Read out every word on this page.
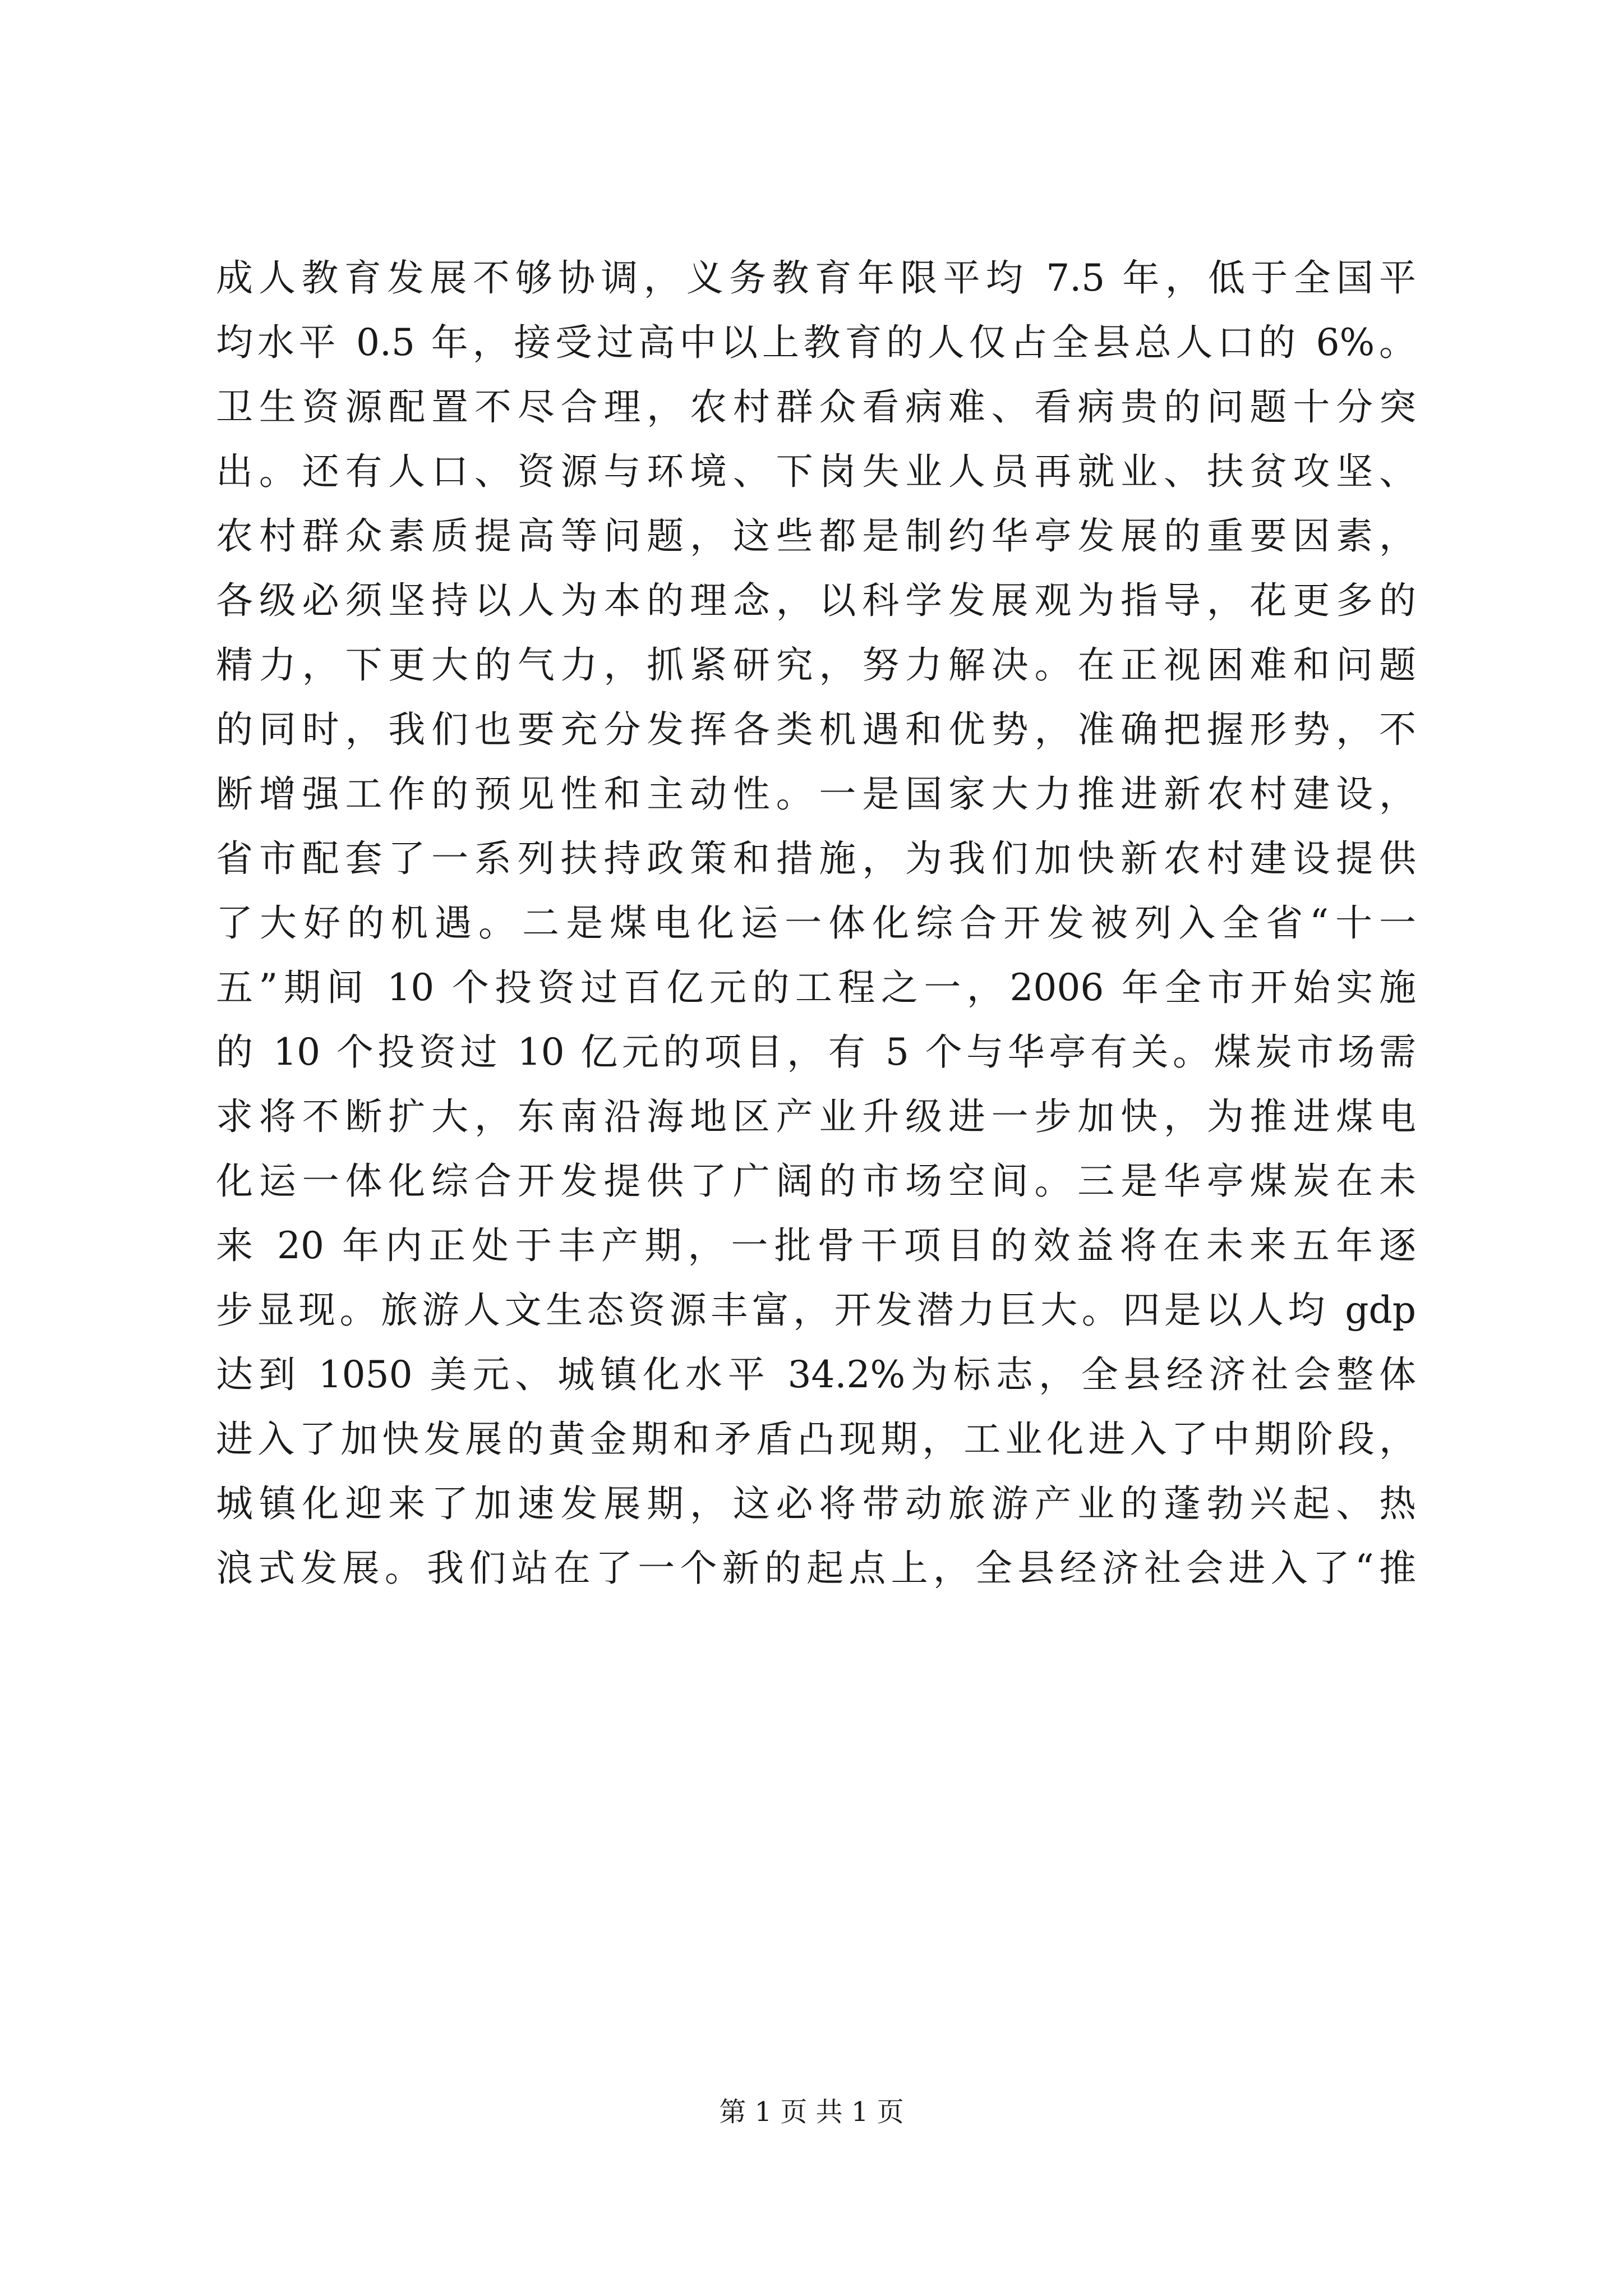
成人教育发展不够协调，义务教育年限平均 7.5 年，低于全国平
均水平 0.5 年，接受过高中以上教育的人仅占全县总人口的 6%。
卫生资源配置不尽合理，农村群众看病难、看病贵的问题十分突
出。还有人口、资源与环境、下岗失业人员再就业、扶贫攻坚、
农村群众素质提高等问题，这些都是制约华亭发展的重要因素，
各级必须坚持以人为本的理念，以科学发展观为指导，花更多的
精力，下更大的气力，抓紧研究，努力解决。在正视困难和问题
的同时，我们也要充分发挥各类机遇和优势，准确把握形势，不
断增强工作的预见性和主动性。一是国家大力推进新农村建设，
省市配套了一系列扶持政策和措施，为我们加快新农村建设提供
了大好的机遇。二是煤电化运一体化综合开发被列入全省“十一
五”期间 10 个投资过百亿元的工程之一，2006 年全市开始实施
的 10 个投资过 10 亿元的项目，有 5 个与华亭有关。煤炭市场需
求将不断扩大，东南沿海地区产业升级进一步加快，为推进煤电
化运一体化综合开发提供了广阔的市场空间。三是华亭煤炭在未
来 20 年内正处于丰产期，一批骨干项目的效益将在未来五年逐
步显现。旅游人文生态资源丰富，开发潜力巨大。四是以人均 gdp
达到 1050 美元、城镇化水平 34.2%为标志，全县经济社会整体
进入了加快发展的黄金期和矛盾凸现期，工业化进入了中期阶段，
城镇化迎来了加速发展期，这必将带动旅游产业的蓬勃兴起、热
浪式发展。我们站在了一个新的起点上，全县经济社会进入了“推
第 1 页 共 1 页
